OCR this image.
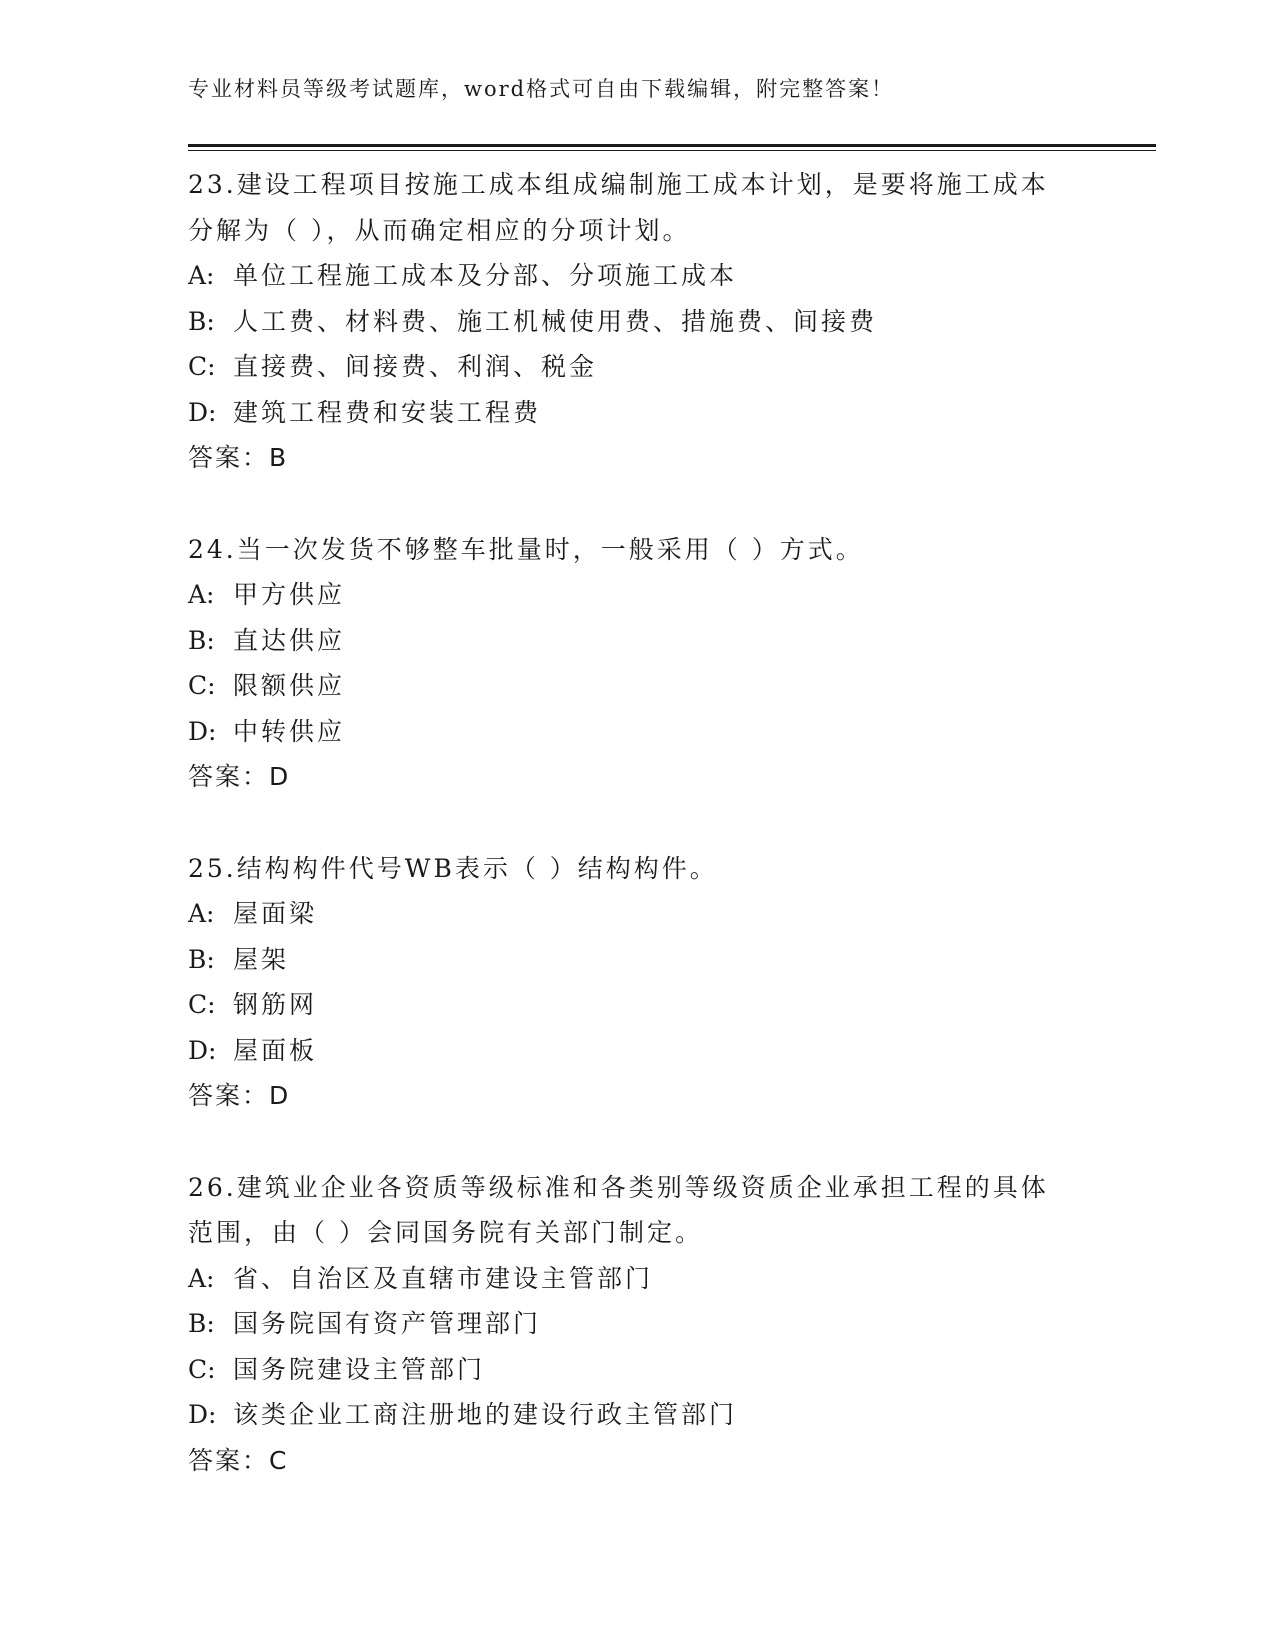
专业材料员等级考试题库，word格式可自由下载编辑，附完整答案！
23.建设工程项目按施工成本组成编制施工成本计划，是要将施工成本
分解为（ ），从而确定相应的分项计划。
A: 单位工程施工成本及分部、分项施工成本
B: 人工费、材料费、施工机械使用费、措施费、间接费
C: 直接费、间接费、利润、税金
D: 建筑工程费和安装工程费
答案：B
24.当一次发货不够整车批量时，一般采用（ ）方式。
A: 甲方供应
B: 直达供应
C: 限额供应
D: 中转供应
答案：D
25.结构构件代号WB表示（ ）结构构件。
A: 屋面梁
B: 屋架
C: 钢筋网
D: 屋面板
答案：D
26.建筑业企业各资质等级标准和各类别等级资质企业承担工程的具体
范围，由（ ）会同国务院有关部门制定。
A: 省、自治区及直辖市建设主管部门
B: 国务院国有资产管理部门
C: 国务院建设主管部门
D: 该类企业工商注册地的建设行政主管部门
答案：C
